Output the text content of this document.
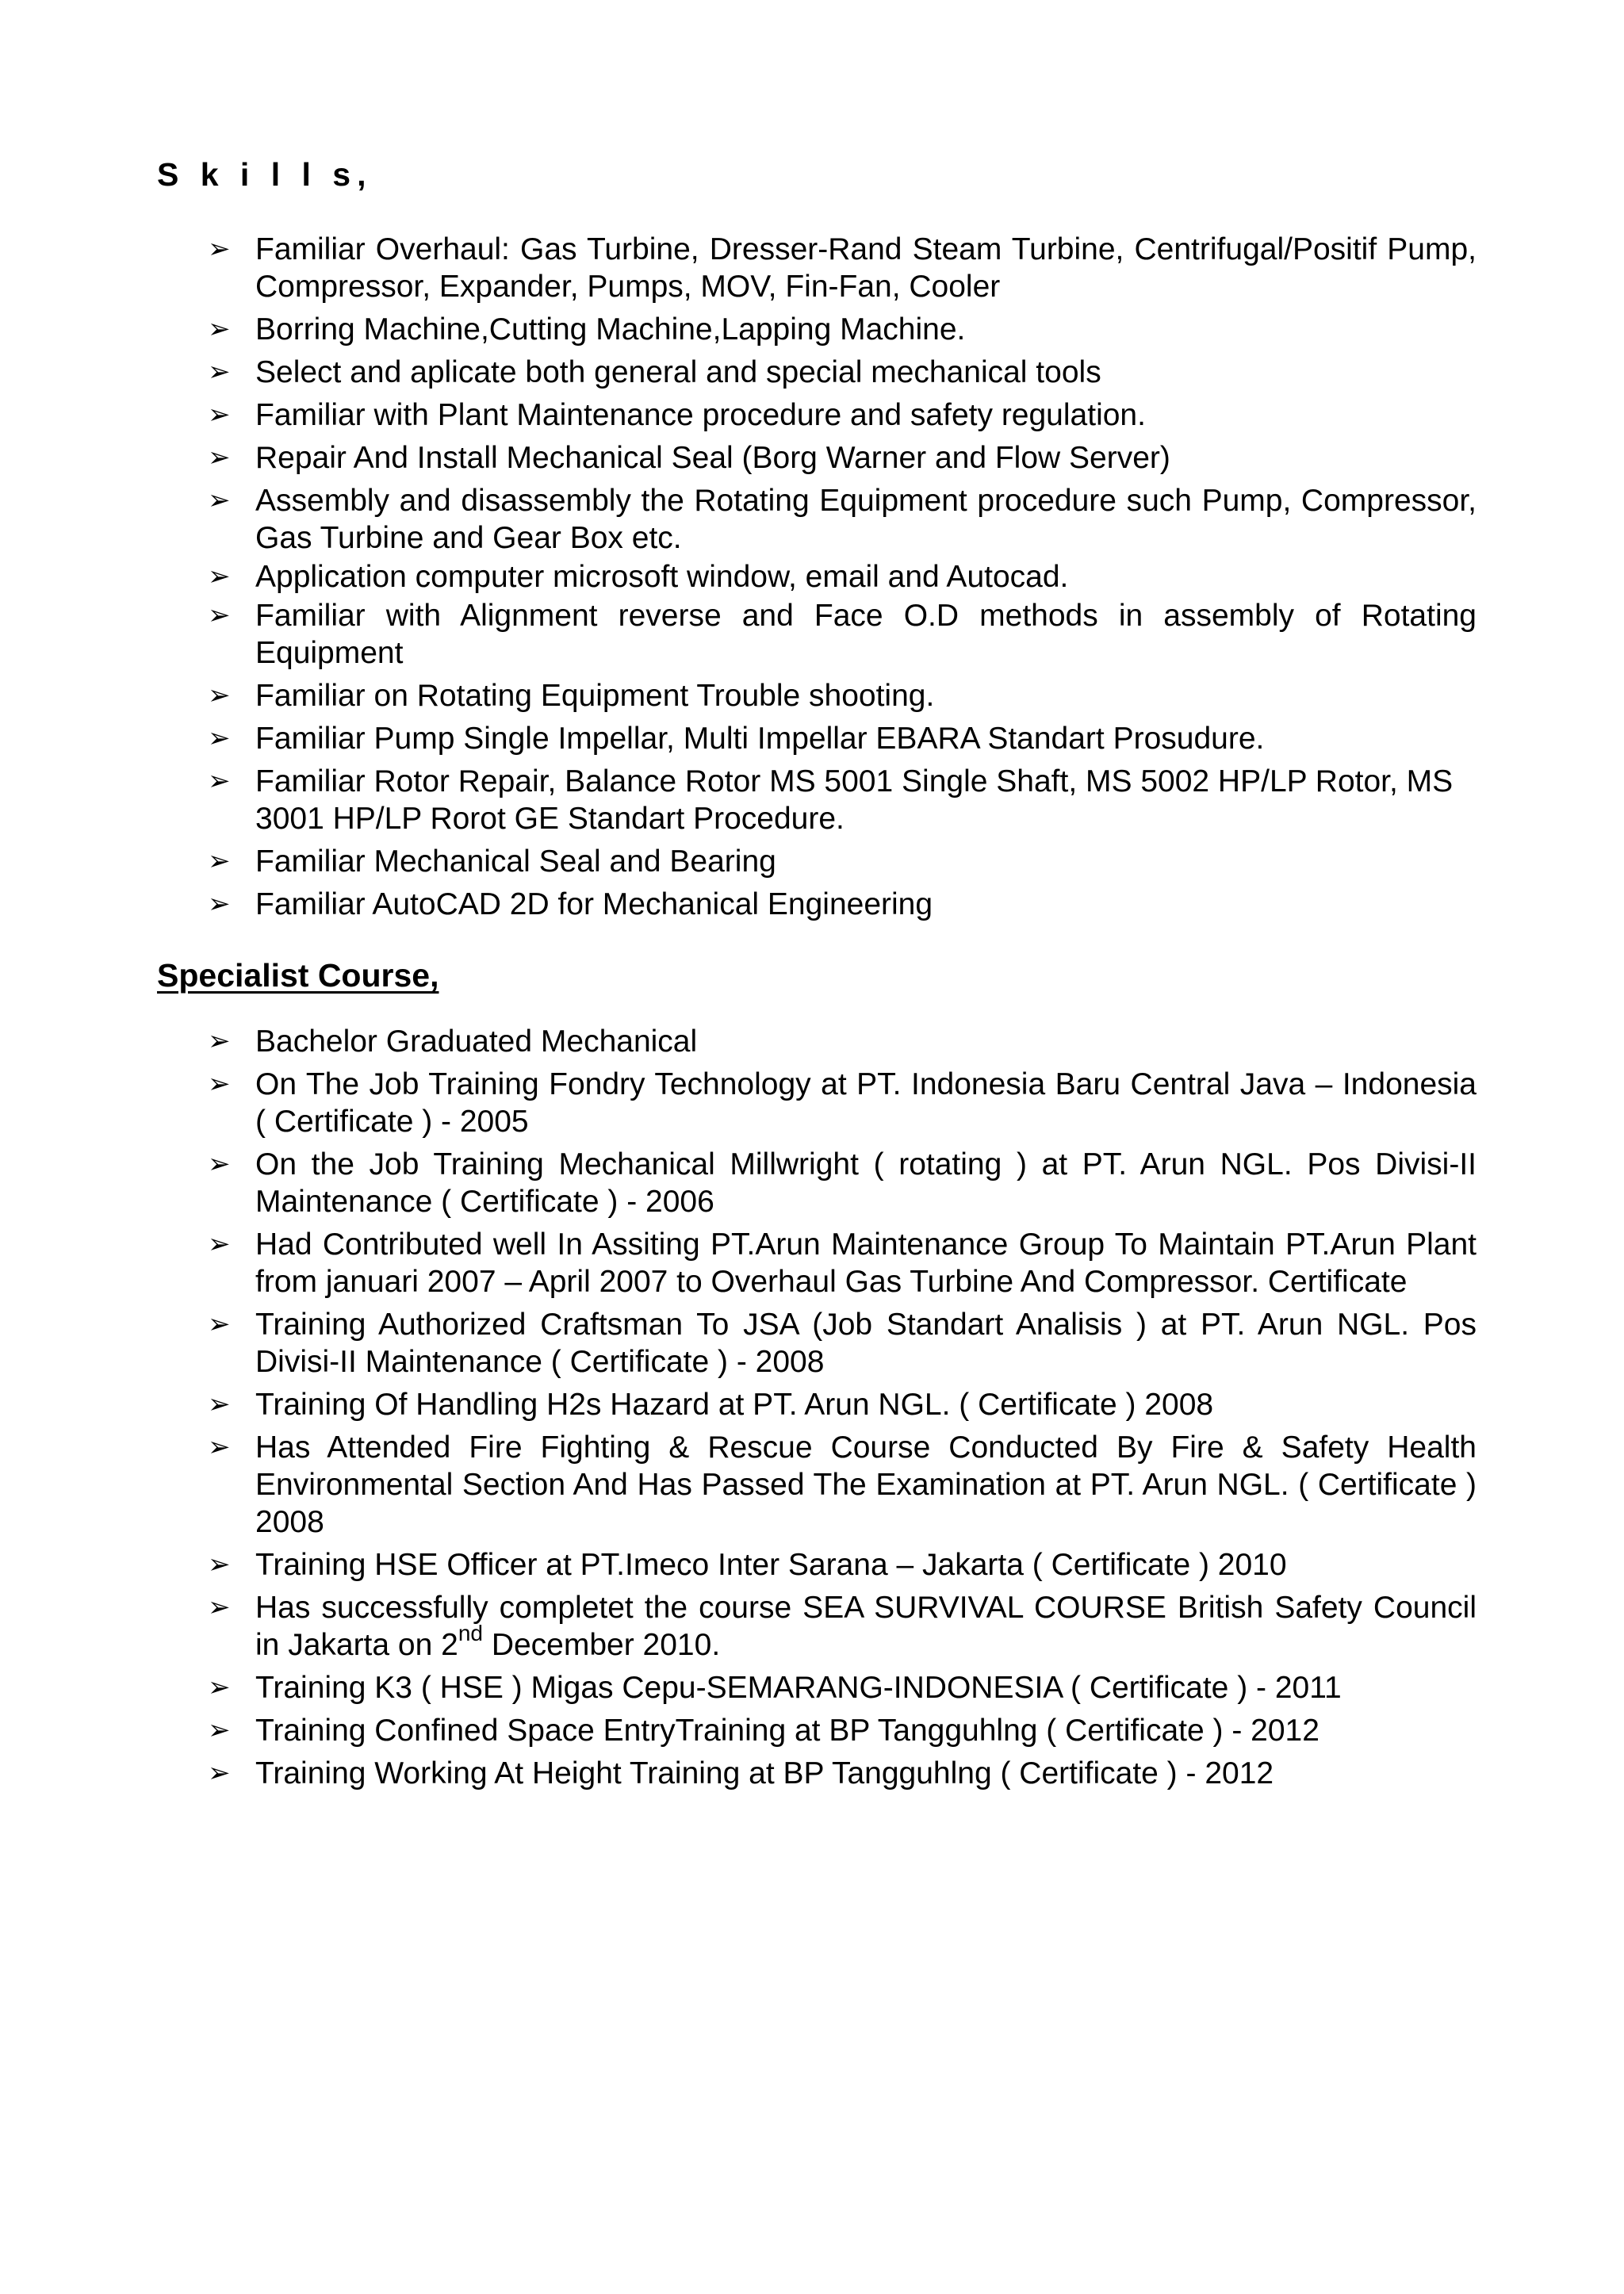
S k i l l s,
➢ Familiar Overhaul: Gas Turbine, Dresser-Rand Steam Turbine, Centrifugal/Positif Pump, Compressor, Expander, Pumps, MOV, Fin-Fan, Cooler
➢ Borring Machine,Cutting Machine,Lapping Machine.
➢ Select and aplicate both general and special mechanical tools
➢ Familiar with Plant Maintenance procedure and safety regulation.
➢ Repair And Install Mechanical Seal (Borg Warner and Flow Server)
➢ Assembly and disassembly the Rotating Equipment procedure such Pump, Compressor, Gas Turbine and Gear Box etc.
➢ Application computer microsoft window, email and Autocad.
➢ Familiar with Alignment reverse and Face O.D methods in assembly of Rotating Equipment
➢ Familiar on Rotating Equipment Trouble shooting.
➢ Familiar Pump Single Impellar, Multi Impellar EBARA Standart Prosudure.
➢ Familiar Rotor Repair, Balance Rotor MS 5001 Single Shaft, MS 5002 HP/LP Rotor, MS 3001 HP/LP Rorot GE Standart Procedure.
➢ Familiar Mechanical Seal and Bearing
➢ Familiar AutoCAD 2D for Mechanical Engineering
Specialist Course,
➢ Bachelor Graduated Mechanical
➢ On The Job Training Fondry Technology at PT. Indonesia Baru Central Java – Indonesia ( Certificate ) - 2005
➢ On the Job Training Mechanical Millwright ( rotating ) at PT. Arun NGL. Pos Divisi-II Maintenance ( Certificate ) - 2006
➢ Had Contributed well In Assiting PT.Arun Maintenance Group To Maintain PT.Arun Plant from januari 2007 – April 2007 to Overhaul Gas Turbine And Compressor. Certificate
➢ Training Authorized Craftsman To JSA (Job Standart Analisis ) at PT. Arun NGL. Pos Divisi-II Maintenance ( Certificate ) - 2008
➢ Training Of Handling H2s Hazard at PT. Arun NGL. ( Certificate ) 2008
➢ Has Attended Fire Fighting & Rescue Course Conducted By Fire & Safety Health Environmental Section And Has Passed The Examination at PT. Arun NGL. ( Certificate ) 2008
➢ Training HSE Officer at PT.Imeco Inter Sarana – Jakarta ( Certificate ) 2010
➢ Has successfully completet the course SEA SURVIVAL COURSE British Safety Council in Jakarta on 2nd December 2010.
➢ Training K3 ( HSE ) Migas Cepu-SEMARANG-INDONESIA ( Certificate ) - 2011
➢ Training Confined Space EntryTraining at BP Tangguhlng ( Certificate ) - 2012
➢ Training Working At Height Training at BP Tangguhlng ( Certificate ) - 2012
